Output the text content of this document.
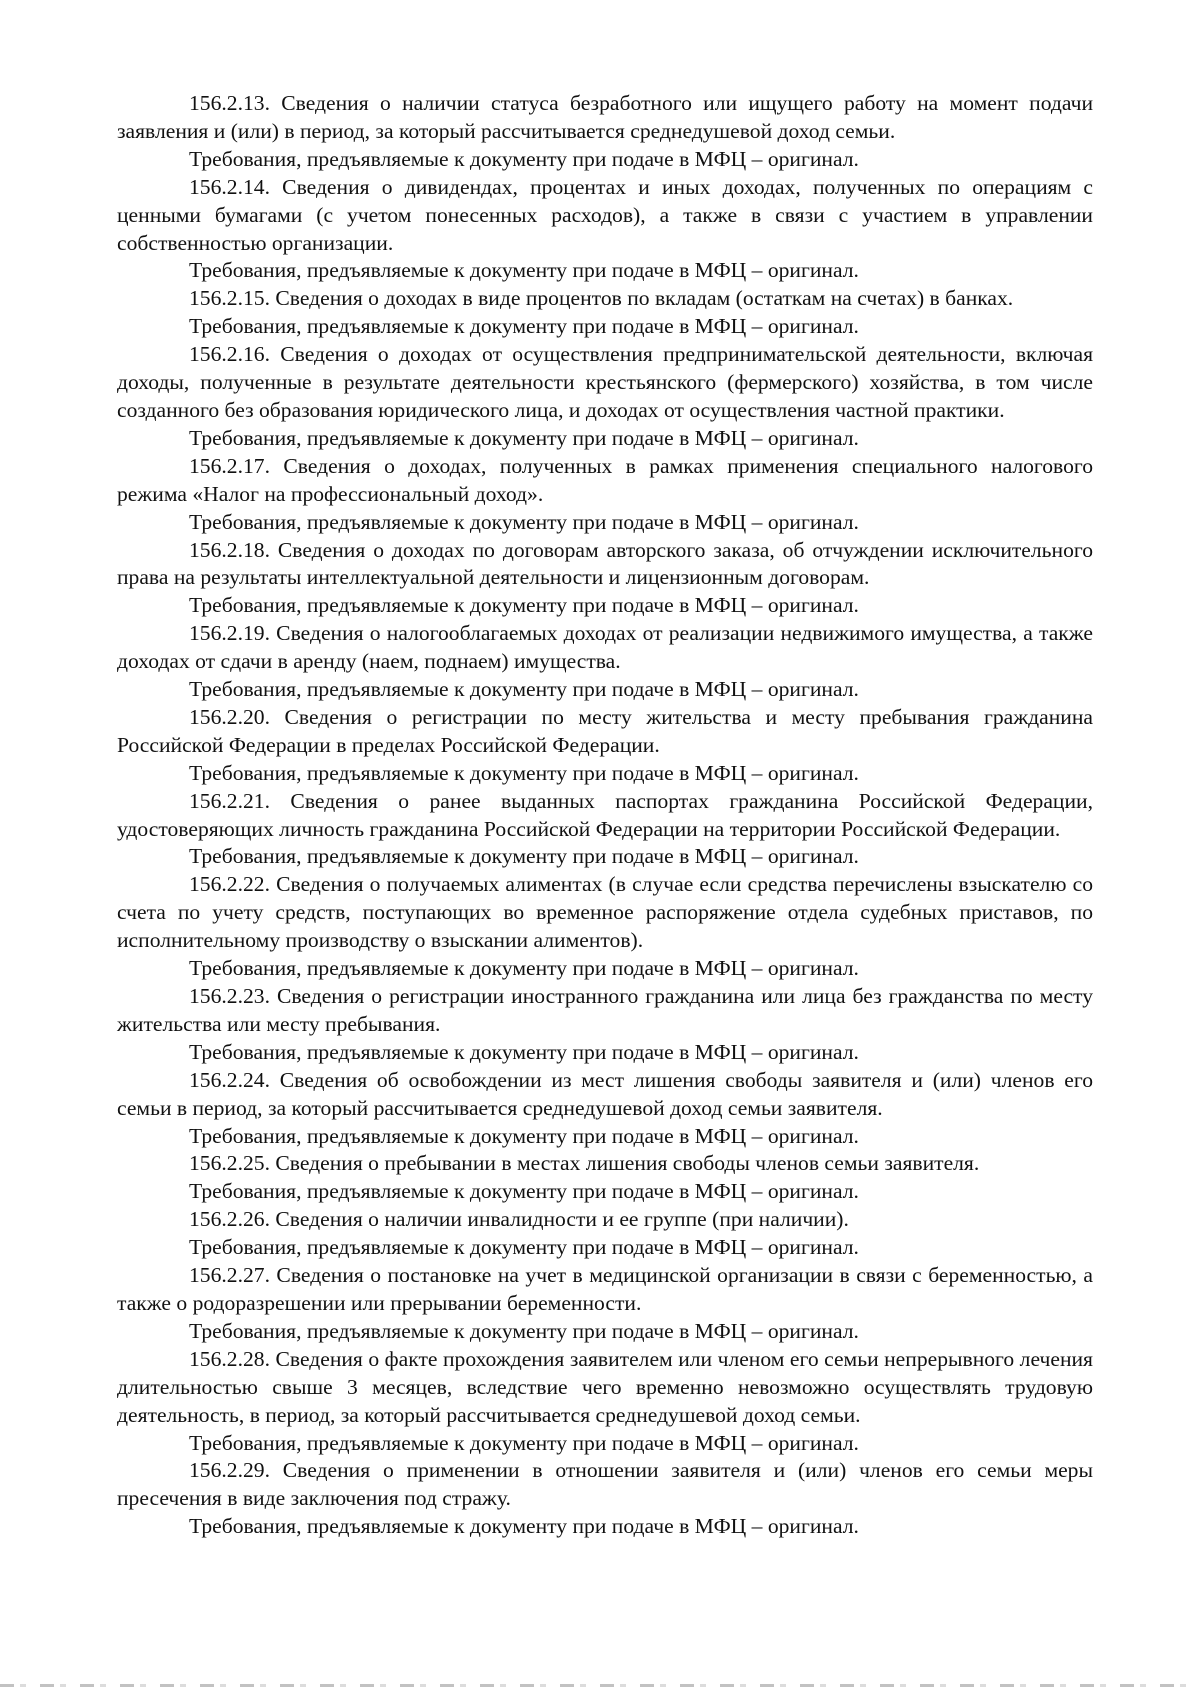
156.2.13. Сведения о наличии статуса безработного или ищущего работу на момент подачи заявления и (или) в период, за который рассчитывается среднедушевой доход семьи.

Требования, предъявляемые к документу при подаче в МФЦ – оригинал.

156.2.14. Сведения о дивидендах, процентах и иных доходах, полученных по операциям с ценными бумагами (с учетом понесенных расходов), а также в связи с участием в управлении собственностью организации.

Требования, предъявляемые к документу при подаче в МФЦ – оригинал.

156.2.15. Сведения о доходах в виде процентов по вкладам (остаткам на счетах) в банках.

Требования, предъявляемые к документу при подаче в МФЦ – оригинал.

156.2.16. Сведения о доходах от осуществления предпринимательской деятельности, включая доходы, полученные в результате деятельности крестьянского (фермерского) хозяйства, в том числе созданного без образования юридического лица, и доходах от осуществления частной практики.

Требования, предъявляемые к документу при подаче в МФЦ – оригинал.

156.2.17. Сведения о доходах, полученных в рамках применения специального налогового режима «Налог на профессиональный доход».

Требования, предъявляемые к документу при подаче в МФЦ – оригинал.

156.2.18. Сведения о доходах по договорам авторского заказа, об отчуждении исключительного права на результаты интеллектуальной деятельности и лицензионным договорам.

Требования, предъявляемые к документу при подаче в МФЦ – оригинал.

156.2.19. Сведения о налогооблагаемых доходах от реализации недвижимого имущества, а также доходах от сдачи в аренду (наем, поднаем) имущества.

Требования, предъявляемые к документу при подаче в МФЦ – оригинал.

156.2.20. Сведения о регистрации по месту жительства и месту пребывания гражданина Российской Федерации в пределах Российской Федерации.

Требования, предъявляемые к документу при подаче в МФЦ – оригинал.

156.2.21. Сведения о ранее выданных паспортах гражданина Российской Федерации, удостоверяющих личность гражданина Российской Федерации на территории Российской Федерации.

Требования, предъявляемые к документу при подаче в МФЦ – оригинал.

156.2.22. Сведения о получаемых алиментах (в случае если средства перечислены взыскателю со счета по учету средств, поступающих во временное распоряжение отдела судебных приставов, по исполнительному производству о взыскании алиментов).

Требования, предъявляемые к документу при подаче в МФЦ – оригинал.

156.2.23. Сведения о регистрации иностранного гражданина или лица без гражданства по месту жительства или месту пребывания.

Требования, предъявляемые к документу при подаче в МФЦ – оригинал.

156.2.24. Сведения об освобождении из мест лишения свободы заявителя и (или) членов его семьи в период, за который рассчитывается среднедушевой доход семьи заявителя.

Требования, предъявляемые к документу при подаче в МФЦ – оригинал.

156.2.25. Сведения о пребывании в местах лишения свободы членов семьи заявителя.

Требования, предъявляемые к документу при подаче в МФЦ – оригинал.

156.2.26. Сведения о наличии инвалидности и ее группе (при наличии).

Требования, предъявляемые к документу при подаче в МФЦ – оригинал.

156.2.27. Сведения о постановке на учет в медицинской организации в связи с беременностью, а также о родоразрешении или прерывании беременности.

Требования, предъявляемые к документу при подаче в МФЦ – оригинал.

156.2.28. Сведения о факте прохождения заявителем или членом его семьи непрерывного лечения длительностью свыше 3 месяцев, вследствие чего временно невозможно осуществлять трудовую деятельность, в период, за который рассчитывается среднедушевой доход семьи.

Требования, предъявляемые к документу при подаче в МФЦ – оригинал.

156.2.29. Сведения о применении в отношении заявителя и (или) членов его семьи меры пресечения в виде заключения под стражу.

Требования, предъявляемые к документу при подаче в МФЦ – оригинал.
